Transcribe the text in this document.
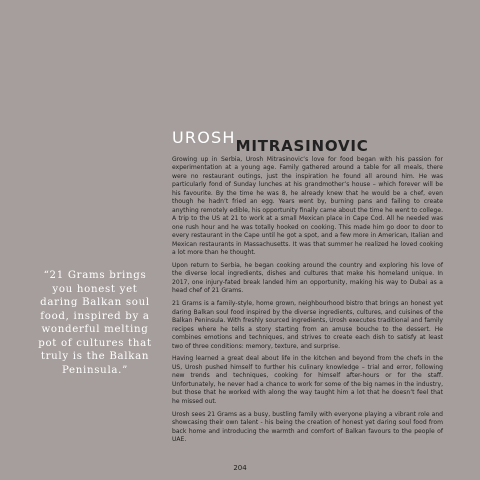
UROSHMITRASINOVIC

Growing up in Serbia, Urosh Mitrasinovic’s love for food began with his passion for experimentation at a young age. Family gathered around a table for all meals, there were no restaurant outings, just the inspiration he found all around him. He was particularly fond of Sunday lunches at his grandmother’s house – which forever will be his favourite. By the time he was 8, he already knew that he would be a chef, even though he hadn’t fried an egg. Years went by, burning pans and failing to create anything remotely edible, his opportunity finally came about the time he went to college. A trip to the US at 21 to work at a small Mexican place in Cape Cod. All he needed was one rush hour and he was totally hooked on cooking. This made him go door to door to every restaurant in the Cape until he got a spot, and a few more in American, Italian and Mexican restaurants in Massachusetts. It was that summer he realized he loved cooking a lot more than he thought.

Upon return to Serbia, he began cooking around the country and exploring his love of the diverse local ingredients, dishes and cultures that make his homeland unique. In 2017, one injury-fated break landed him an opportunity, making his way to Dubai as a head chef of 21 Grams.

21 Grams is a family-style, home grown, neighbourhood bistro that brings an honest yet daring Balkan soul food inspired by the diverse ingredients, cultures, and cuisines of the Balkan Peninsula. With freshly sourced ingredients, Urosh executes traditional and family recipes where he tells a story starting from an amuse bouche to the dessert. He combines emotions and techniques, and strives to create each dish to satisfy at least two of three conditions: memory, texture, and surprise.

Having learned a great deal about life in the kitchen and beyond from the chefs in the US, Urosh pushed himself to further his culinary knowledge – trial and error, following new trends and techniques, cooking for himself after-hours or for the staff. Unfortunately, he never had a chance to work for some of the big names in the industry, but those that he worked with along the way taught him a lot that he doesn’t feel that he missed out.

Urosh sees 21 Grams as a busy, bustling family with everyone playing a vibrant role and showcasing their own talent - his being the creation of honest yet daring soul food from back home and introducing the warmth and comfort of Balkan favours to the people of UAE.

“21 Grams brings you honest yet daring Balkan soul food, inspired by a wonderful melting pot of cultures that truly is the Balkan Peninsula.”
204
